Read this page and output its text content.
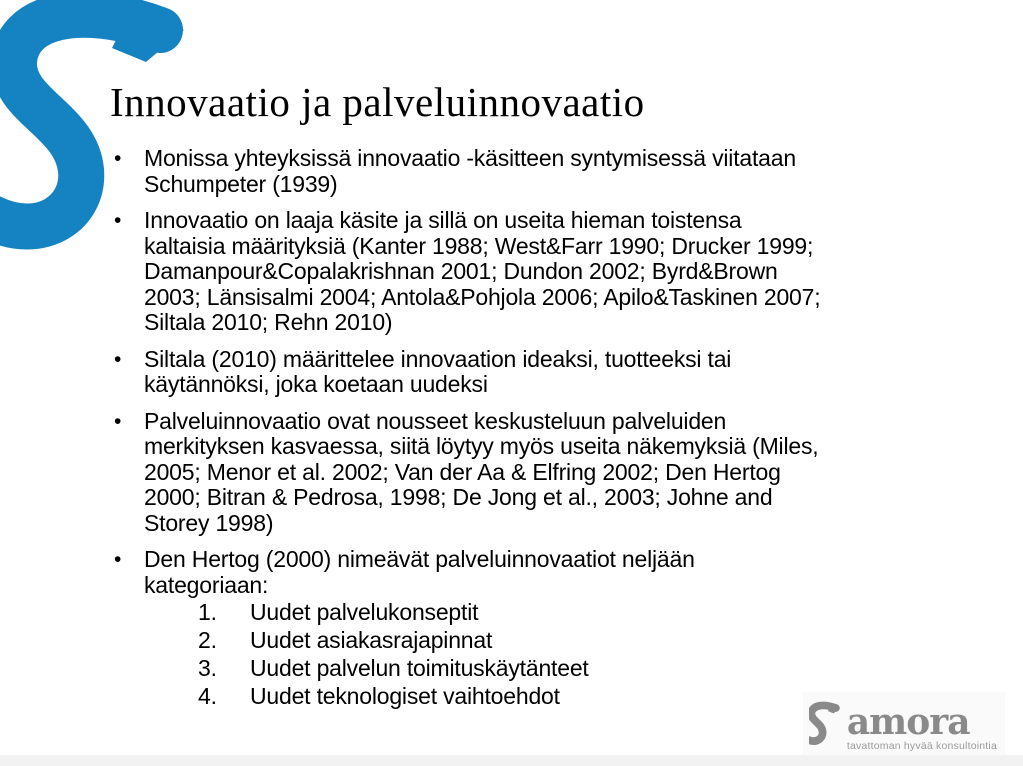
Innovaatio ja palveluinnovaatio
• Monissa yhteyksissä innovaatio -käsitteen syntymisessä viitataan
Schumpeter (1939)
• Innovaatio on laaja käsite ja sillä on useita hieman toistensa
kaltaisia määrityksiä (Kanter 1988; West&Farr 1990; Drucker 1999;
Damanpour&Copalakrishnan 2001; Dundon 2002; Byrd&Brown
2003; Länsisalmi 2004; Antola&Pohjola 2006; Apilo&Taskinen 2007;
Siltala 2010; Rehn 2010)
• Siltala (2010) määrittelee innovaation ideaksi, tuotteeksi tai
käytännöksi, joka koetaan uudeksi
• Palveluinnovaatio ovat nousseet keskusteluun palveluiden
merkityksen kasvaessa, siitä löytyy myös useita näkemyksiä (Miles,
2005; Menor et al. 2002; Van der Aa & Elfring 2002; Den Hertog
2000; Bitran & Pedrosa, 1998; De Jong et al., 2003; Johne and
Storey 1998)
• Den Hertog (2000) nimeävät palveluinnovaatiot neljään
kategoriaan:
1.	Uudet palvelukonseptit
2.	Uudet asiakasrajapinnat
3.	Uudet palvelun toimituskäytänteet
4.	Uudet teknologiset vaihtoehdot
amora
tavattoman hyvää konsultointia
